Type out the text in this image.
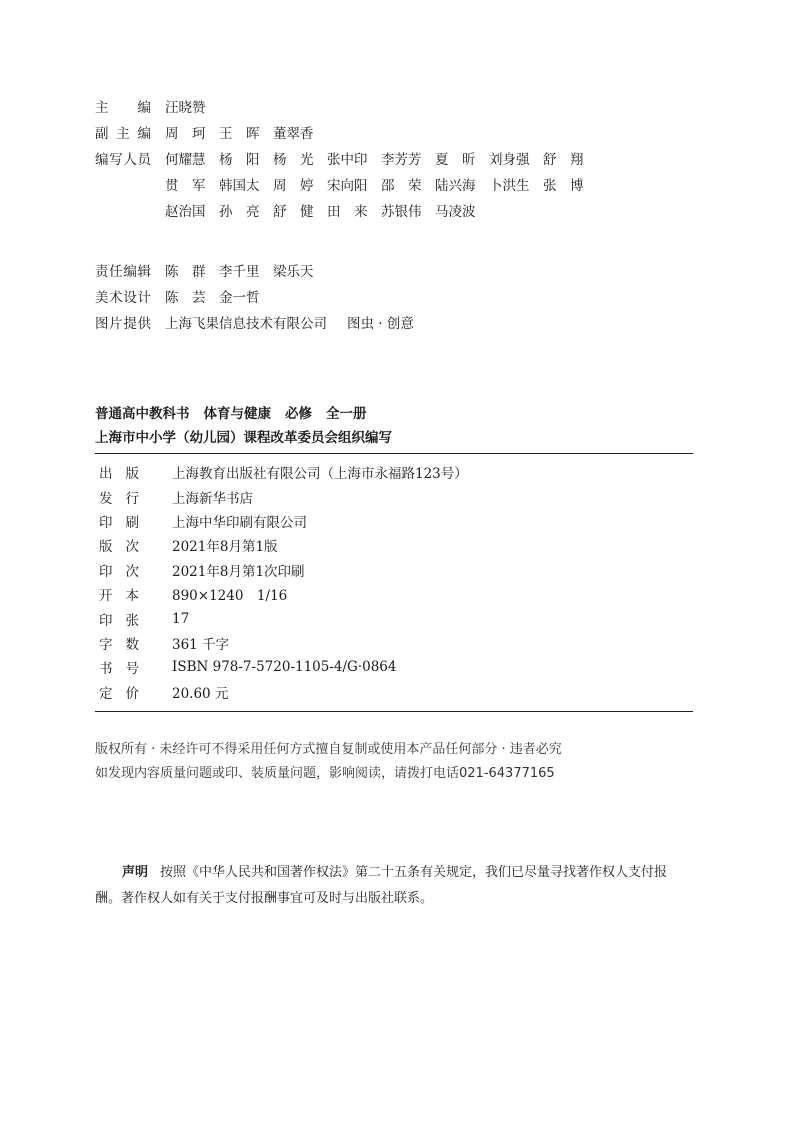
主 编 汪晓赞
副 主 编 周　珂	王　晖	董翠香
编 写 人 员 何耀慧	杨　阳	杨　光	张中印	李芳芳	夏　昕	刘身强	舒　翔
贯　军	韩国太	周　婷	宋向阳	邵　荣	陆兴海	卜洪生	张　博
赵治国	孙　亮	舒　健	田　来	苏银伟	马凌波
责 任 编 辑 陈　群	李千里	梁乐天
美 术 设 计 陈　芸	金一哲
图 片 提 供 上海飞果信息技术有限公司 图虫 · 创意
普通高中教科书 体育与健康 必修 全一册
上海市中小学（幼儿园）课程改革委员会组织编写
出 版 上海教育出版社有限公司（上海市永福路123号）
发 行 上海新华书店
印 刷 上海中华印刷有限公司
版 次 2021年8月第1版
印 次 2021年8月第1次印刷
开 本 890×1240　1/16
印 张 17
字 数 361 千字
书 号 ISBN 978-7-5720-1105-4/G·0864
定 价 20.60 元
版权所有 · 未经许可不得采用任何方式擅自复制或使用本产品任何部分 · 违者必究
如发现内容质量问题或印、装质量问题，影响阅读，请拨打电话021-64377165
声明 按照《中华人民共和国著作权法》第二十五条有关规定，我们已尽量寻找著作权人支付报酬。著作权人如有关于支付报酬事宜可及时与出版社联系。
